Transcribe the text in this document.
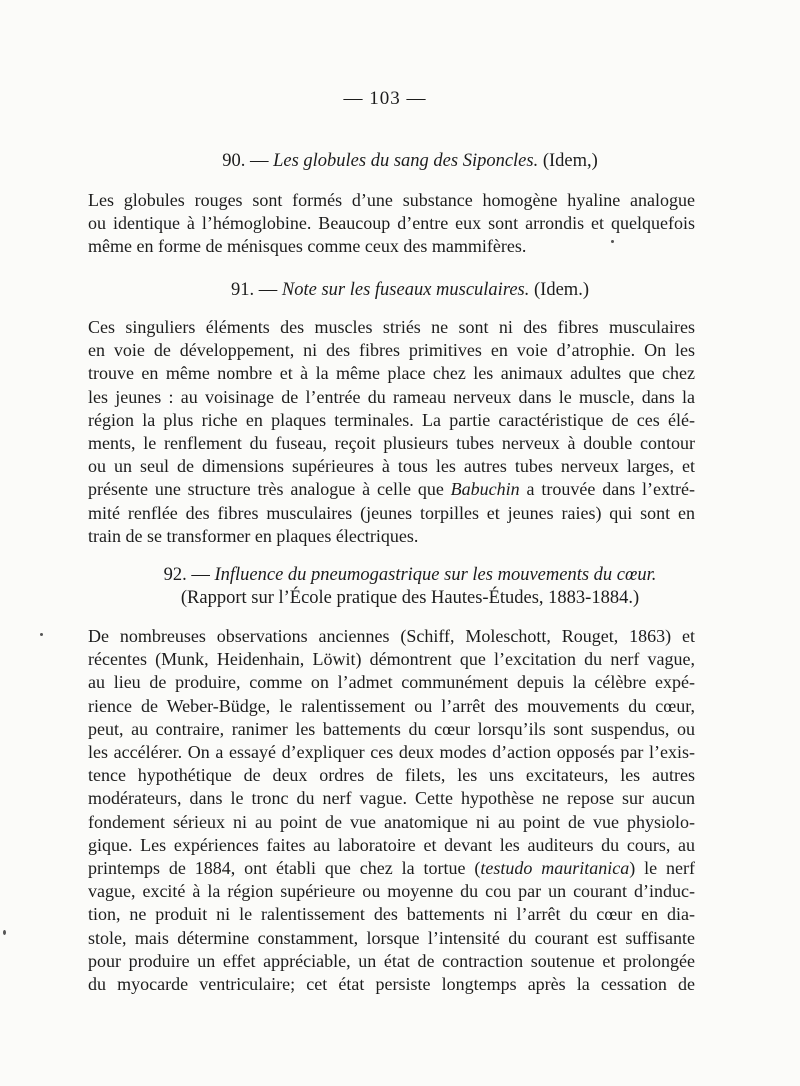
— 103 —
90. — Les globules du sang des Siponcles. (Idem,)
Les globules rouges sont formés d’une substance homogène hyaline analogue
ou identique à l’hémoglobine. Beaucoup d’entre eux sont arrondis et quelquefois
même en forme de ménisques comme ceux des mammifères.
91. — Note sur les fuseaux musculaires. (Idem.)
Ces singuliers éléments des muscles striés ne sont ni des fibres musculaires
en voie de développement, ni des fibres primitives en voie d’atrophie. On les
trouve en même nombre et à la même place chez les animaux adultes que chez
les jeunes : au voisinage de l’entrée du rameau nerveux dans le muscle, dans la
région la plus riche en plaques terminales. La partie caractéristique de ces élé-
ments, le renflement du fuseau, reçoit plusieurs tubes nerveux à double contour
ou un seul de dimensions supérieures à tous les autres tubes nerveux larges, et
présente une structure très analogue à celle que Babuchin a trouvée dans l’extré-
mité renflée des fibres musculaires (jeunes torpilles et jeunes raies) qui sont en
train de se transformer en plaques électriques.
92. — Influence du pneumogastrique sur les mouvements du cœur.
(Rapport sur l’École pratique des Hautes-Études, 1883-1884.)
De nombreuses observations anciennes (Schiff, Moleschott, Rouget, 1863) et
récentes (Munk, Heidenhain, Löwit) démontrent que l’excitation du nerf vague,
au lieu de produire, comme on l’admet communément depuis la célèbre expé-
rience de Weber-Büdge, le ralentissement ou l’arrêt des mouvements du cœur,
peut, au contraire, ranimer les battements du cœur lorsqu’ils sont suspendus, ou
les accélérer. On a essayé d’expliquer ces deux modes d’action opposés par l’exis-
tence hypothétique de deux ordres de filets, les uns excitateurs, les autres
modérateurs, dans le tronc du nerf vague. Cette hypothèse ne repose sur aucun
fondement sérieux ni au point de vue anatomique ni au point de vue physiolo-
gique. Les expériences faites au laboratoire et devant les auditeurs du cours, au
printemps de 1884, ont établi que chez la tortue (testudo mauritanica) le nerf
vague, excité à la région supérieure ou moyenne du cou par un courant d’induc-
tion, ne produit ni le ralentissement des battements ni l’arrêt du cœur en dia-
stole, mais détermine constamment, lorsque l’intensité du courant est suffisante
pour produire un effet appréciable, un état de contraction soutenue et prolongée
du myocarde ventriculaire; cet état persiste longtemps après la cessation de
